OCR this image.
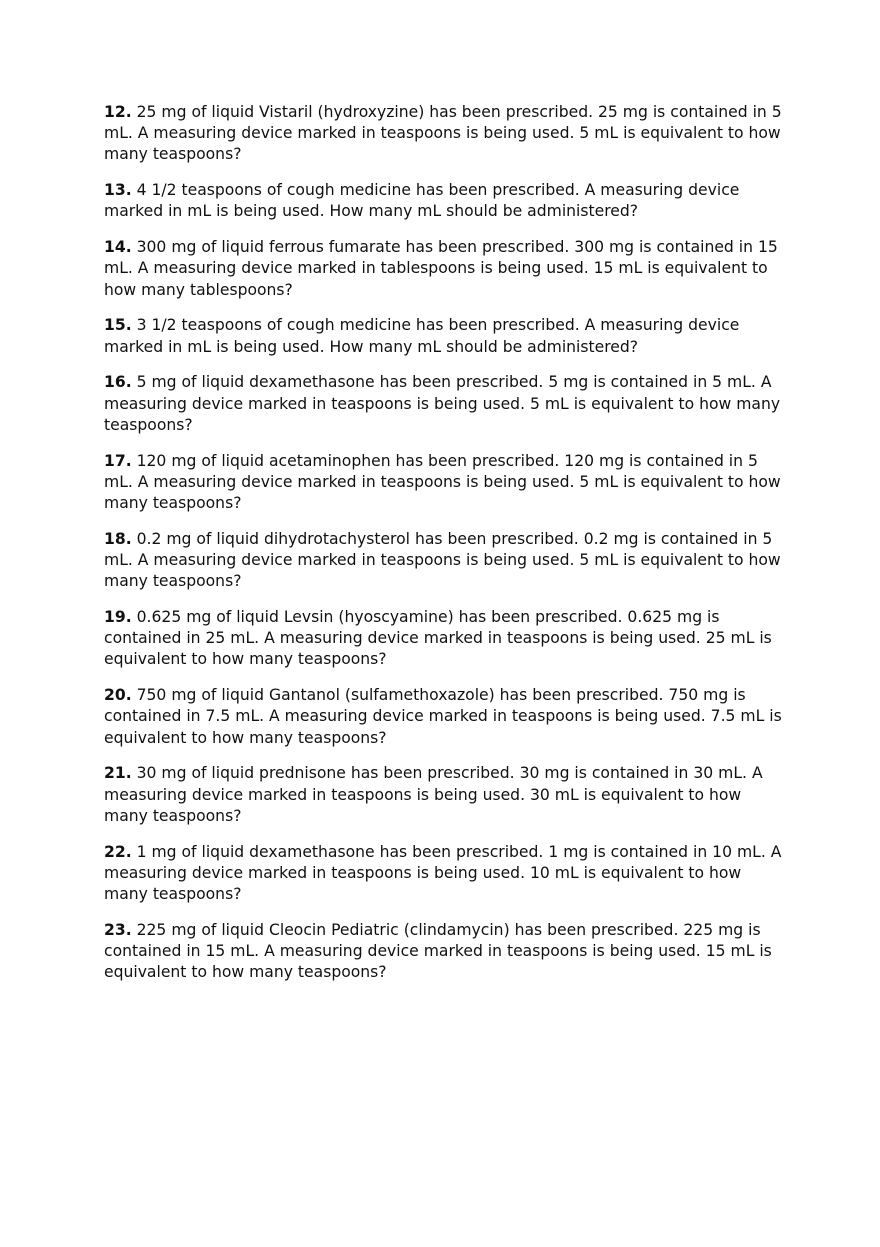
12. 25 mg of liquid Vistaril (hydroxyzine) has been prescribed. 25 mg is contained in 5 mL. A measuring device marked in teaspoons is being used. 5 mL is equivalent to how many teaspoons?

13. 4 1/2 teaspoons of cough medicine has been prescribed. A measuring device marked in mL is being used. How many mL should be administered?

14. 300 mg of liquid ferrous fumarate has been prescribed. 300 mg is contained in 15 mL. A measuring device marked in tablespoons is being used. 15 mL is equivalent to how many tablespoons?

15. 3 1/2 teaspoons of cough medicine has been prescribed. A measuring device marked in mL is being used. How many mL should be administered?

16. 5 mg of liquid dexamethasone has been prescribed. 5 mg is contained in 5 mL. A measuring device marked in teaspoons is being used. 5 mL is equivalent to how many teaspoons?

17. 120 mg of liquid acetaminophen has been prescribed. 120 mg is contained in 5 mL. A measuring device marked in teaspoons is being used. 5 mL is equivalent to how many teaspoons?

18. 0.2 mg of liquid dihydrotachysterol has been prescribed. 0.2 mg is contained in 5 mL. A measuring device marked in teaspoons is being used. 5 mL is equivalent to how many teaspoons?

19. 0.625 mg of liquid Levsin (hyoscyamine) has been prescribed. 0.625 mg is contained in 25 mL. A measuring device marked in teaspoons is being used. 25 mL is equivalent to how many teaspoons?

20. 750 mg of liquid Gantanol (sulfamethoxazole) has been prescribed. 750 mg is contained in 7.5 mL. A measuring device marked in teaspoons is being used. 7.5 mL is equivalent to how many teaspoons?

21. 30 mg of liquid prednisone has been prescribed. 30 mg is contained in 30 mL. A measuring device marked in teaspoons is being used. 30 mL is equivalent to how many teaspoons?

22. 1 mg of liquid dexamethasone has been prescribed. 1 mg is contained in 10 mL. A measuring device marked in teaspoons is being used. 10 mL is equivalent to how many teaspoons?

23. 225 mg of liquid Cleocin Pediatric (clindamycin) has been prescribed. 225 mg is contained in 15 mL. A measuring device marked in teaspoons is being used. 15 mL is equivalent to how many teaspoons?
